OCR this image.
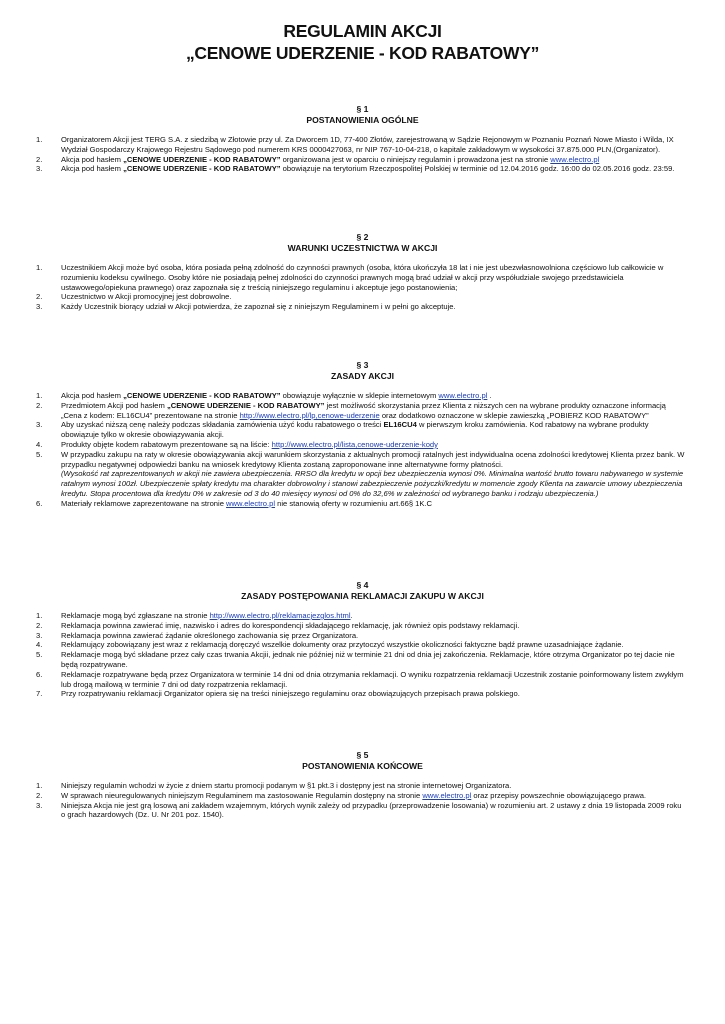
REGULAMIN AKCJI
„CENOWE UDERZENIE - KOD RABATOWY”

§ 1

POSTANOWIENIA OGÓLNE

1.	Organizatorem Akcji jest TERG S.A. z siedzibą w Złotowie przy ul. Za Dworcem 1D, 77-400 Złotów, zarejestrowaną w Sądzie Rejonowym w Poznaniu Poznań Nowe Miasto i Wilda, IX Wydział Gospodarczy Krajowego Rejestru Sądowego pod numerem KRS 0000427063, nr NIP 767-10-04-218, o kapitale zakładowym w wysokości 37.875.000 PLN,(Organizator).
2.	Akcja pod hasłem „CENOWE UDERZENIE - KOD RABATOWY” organizowana jest w oparciu o niniejszy regulamin i prowadzona jest na stronie www.electro.pl
3.	Akcja pod hasłem „CENOWE UDERZENIE - KOD RABATOWY” obowiązuje na terytorium Rzeczpospolitej Polskiej w terminie od 12.04.2016 godz. 16:00 do 02.05.2016 godz. 23:59.

§ 2

WARUNKI UCZESTNICTWA W AKCJI

1.	Uczestnikiem Akcji może być osoba, która posiada pełną zdolność do czynności prawnych (osoba, która ukończyła 18 lat i nie jest ubezwłasnowolniona częściowo lub całkowicie w rozumieniu kodeksu cywilnego. Osoby które nie posiadają pełnej zdolności do czynności prawnych mogą brać udział w akcji przy współudziale swojego przedstawiciela ustawowego/opiekuna prawnego) oraz zapoznała się z treścią niniejszego regulaminu i akceptuje jego postanowienia;
2.	Uczestnictwo w Akcji promocyjnej jest dobrowolne.
3.	Każdy Uczestnik biorący udział w Akcji potwierdza, że zapoznał się z niniejszym Regulaminem i w pełni go akceptuje.

§ 3

ZASADY AKCJI

1.	Akcja pod hasłem „CENOWE UDERZENIE - KOD RABATOWY” obowiązuje wyłącznie w sklepie internetowym www.electro.pl .
2.	Przedmiotem Akcji pod hasłem „CENOWE UDERZENIE - KOD RABATOWY” jest możliwość skorzystania przez Klienta z niższych cen na wybrane produkty oznaczone informacją „Cena z kodem: EL16CU4” prezentowane na stronie http://www.electro.pl/lp,cenowe-uderzenie oraz dodatkowo oznaczone w sklepie zawieszką „POBIERZ KOD RABATOWY”
3.	Aby uzyskać niższą cenę należy podczas składania zamówienia użyć kodu rabatowego o treści EL16CU4 w pierwszym kroku zamówienia. Kod rabatowy na wybrane produkty obowiązuje tylko w okresie obowiązywania akcji.
4.	Produkty objęte kodem rabatowym prezentowane są na liście: http://www.electro.pl/lista,cenowe-uderzenie-kody
5.	W przypadku zakupu na raty w okresie obowiązywania akcji warunkiem skorzystania z aktualnych promocji ratalnych jest indywidualna ocena zdolności kredytowej Klienta przez bank. W przypadku negatywnej odpowiedzi banku na wniosek kredytowy Klienta zostaną zaproponowane inne alternatywne formy płatności.
(Wysokość rat zaprezentowanych w akcji nie zawiera ubezpieczenia. RRSO dla kredytu w opcji bez ubezpieczenia wynosi 0%. Minimalna wartość brutto towaru nabywanego w systemie ratalnym wynosi 100zł. Ubezpieczenie spłaty kredytu ma charakter dobrowolny i stanowi zabezpieczenie pożyczki/kredytu w momencie zgody Klienta na zawarcie umowy ubezpieczenia kredytu. Stopa procentowa dla kredytu 0% w zakresie od 3 do 40 miesięcy wynosi od 0% do 32,6% w zależności od wybranego banku i rodzaju ubezpieczenia.)
6.	Materiały reklamowe zaprezentowane na stronie www.electro.pl nie stanowią oferty w rozumieniu art.66§ 1K.C

§ 4

ZASADY POSTĘPOWANIA REKLAMACJI ZAKUPU W AKCJI

1.	Reklamacje mogą być zgłaszane na stronie http://www.electro.pl/reklamacjezglos.html.
2.	Reklamacja powinna zawierać imię, nazwisko i adres do korespondencji składającego reklamację, jak również opis podstawy reklamacji.
3.	Reklamacja powinna zawierać żądanie określonego zachowania się przez Organizatora.
4.	Reklamujący zobowiązany jest wraz z reklamacją doręczyć wszelkie dokumenty oraz przytoczyć wszystkie okoliczności faktyczne bądź prawne uzasadniające żądanie.
5.	Reklamacje mogą być składane przez cały czas trwania Akcjii, jednak nie później niż w terminie 21 dni od dnia jej zakończenia. Reklamacje, które otrzyma Organizator po tej dacie nie będą rozpatrywane.
6.	Reklamacje rozpatrywane będą przez Organizatora w terminie 14 dni od dnia otrzymania reklamacji. O wyniku rozpatrzenia reklamacji Uczestnik zostanie poinformowany listem zwykłym lub drogą mailową w terminie 7 dni od daty rozpatrzenia reklamacji.
7.	Przy rozpatrywaniu reklamacji Organizator opiera się na treści niniejszego regulaminu oraz obowiązujących przepisach prawa polskiego.

§ 5

POSTANOWIENIA KOŃCOWE

1.	Niniejszy regulamin wchodzi w życie z dniem startu promocji podanym w §1 pkt.3 i dostępny jest na stronie internetowej Organizatora.
2.	W sprawach nieuregulowanych niniejszym Regulaminem ma zastosowanie Regulamin dostępny na stronie www.electro.pl oraz przepisy powszechnie obowiązującego prawa.
3.	Niniejsza Akcja nie jest grą losową ani zakładem wzajemnym, których wynik zależy od przypadku (przeprowadzenie losowania) w rozumieniu art. 2 ustawy z dnia 19 listopada 2009 roku o grach hazardowych (Dz. U. Nr 201 poz. 1540).
